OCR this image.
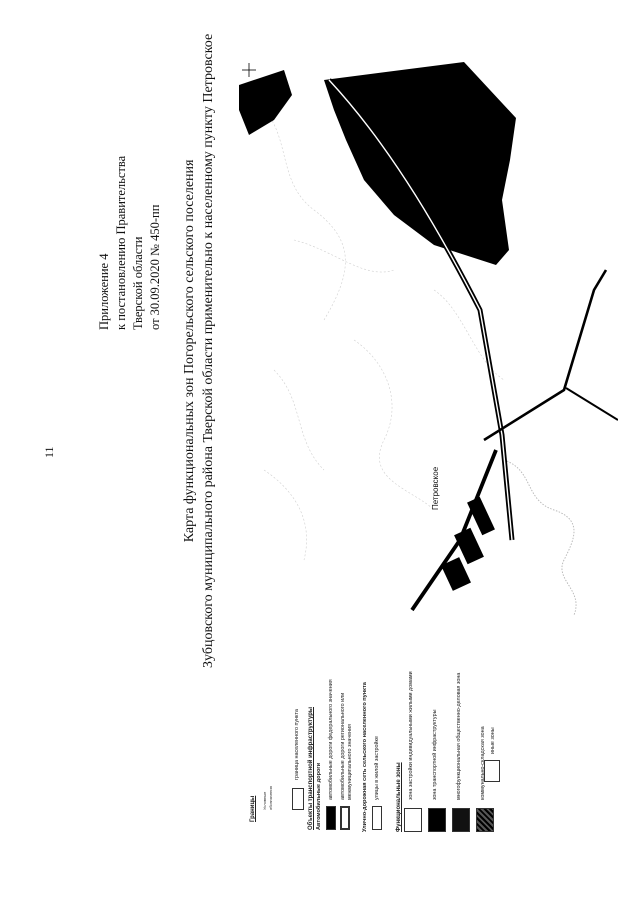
11
Приложение 4 к постановлению Правительства Тверской области от 30.09.2020 № 450-пп Карта функциональных зон Погорельского сельского поселения Зубцовского муниципального района Тверской области применительно к населенному пункту Петровское	Петровское
Границы Условные обозначения
граница населенного пункта Объекты транспортной инфраструктуры Автомобильные дороги автомобильные дороги федерального значения автомобильные дороги регионального или межмуниципального значения Улично-дорожная сеть сельского населенного пункта улицы в жилой застройке	Функциональные зоны зона застройки индивидуальными жилыми домами	зона транспортной инфраструктуры	многофункциональная общественно-деловая зона	коммунально-складская зона иные зоны
